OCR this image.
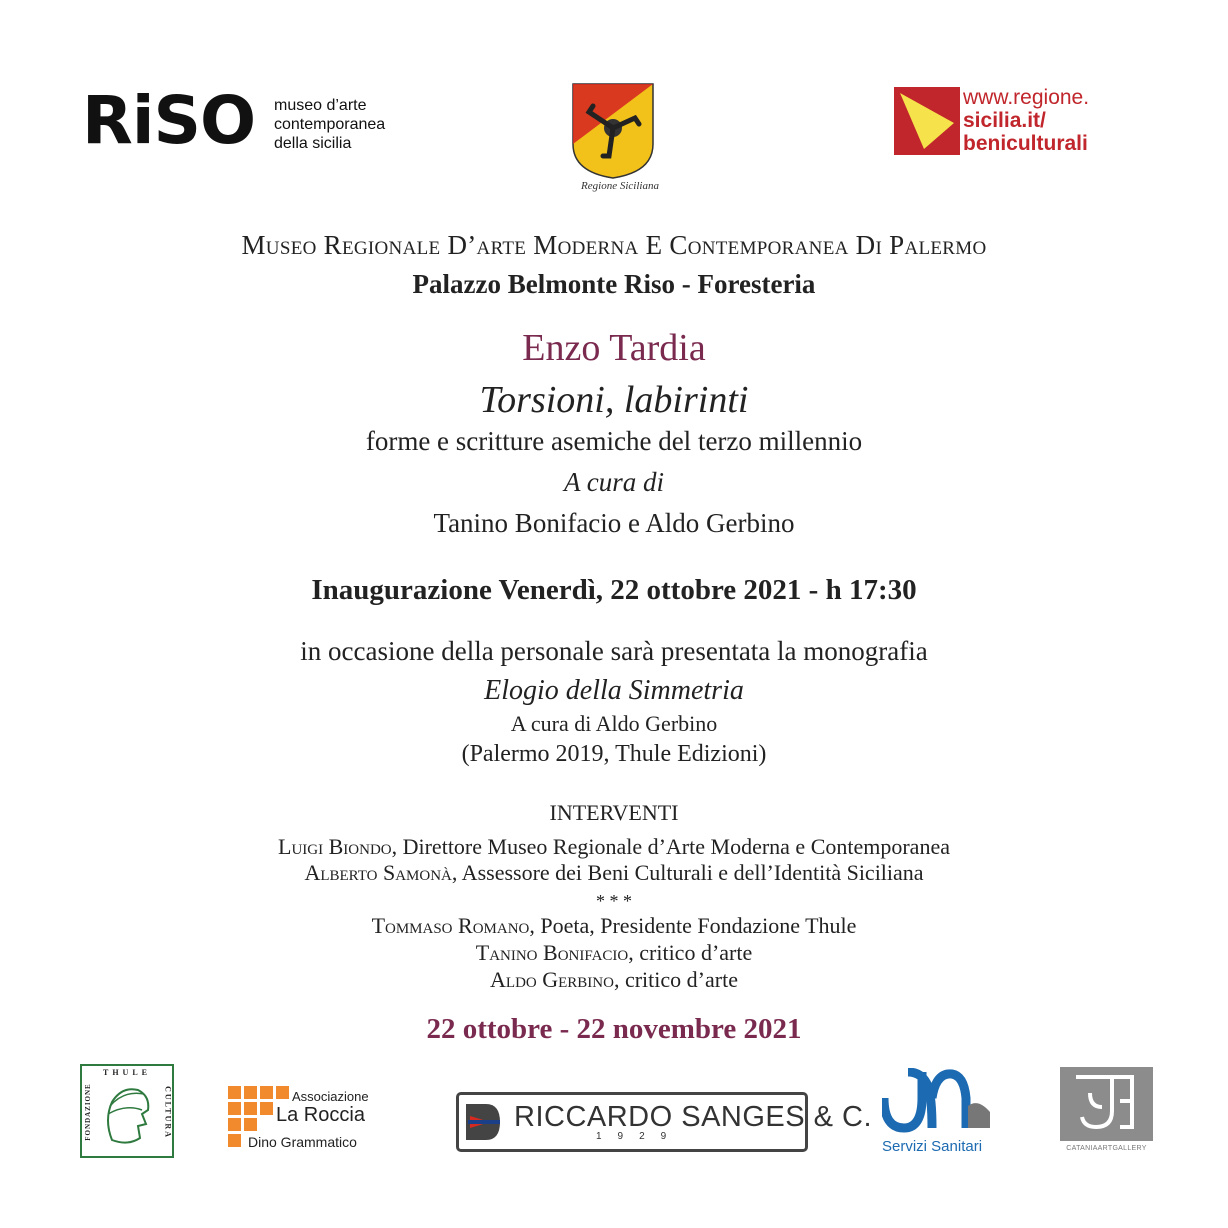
RiSO museo d’arte
contemporanea
della sicilia
Regione Siciliana
www.regione.
sicilia.it/
beniculturali
Museo Regionale D’arte Moderna E Contemporanea Di Palermo
Palazzo Belmonte Riso - Foresteria
Enzo Tardia
Torsioni, labirinti
forme e scritture asemiche del terzo millennio
A cura di
Tanino Bonifacio e Aldo Gerbino
Inaugurazione Venerdì, 22 ottobre 2021 - h 17:30
in occasione della personale sarà presentata la monografia
Elogio della Simmetria
A cura di Aldo Gerbino
(Palermo 2019, Thule Edizioni)
INTERVENTI
Luigi Biondo, Direttore Museo Regionale d’Arte Moderna e Contemporanea
Alberto Samonà, Assessore dei Beni Culturali e dell’Identità Siciliana
* * *
Tommaso Romano, Poeta, Presidente Fondazione Thule
Tanino Bonifacio, critico d’arte
Aldo Gerbino, critico d’arte
22 ottobre - 22 novembre 2021
THULE
FONDAZIONE	CULTURA	Associazione
La Roccia
Dino Grammatico
RICCARDO SANGES & C.
1929
Servizi Sanitari	CATANIAARTGALLERY
